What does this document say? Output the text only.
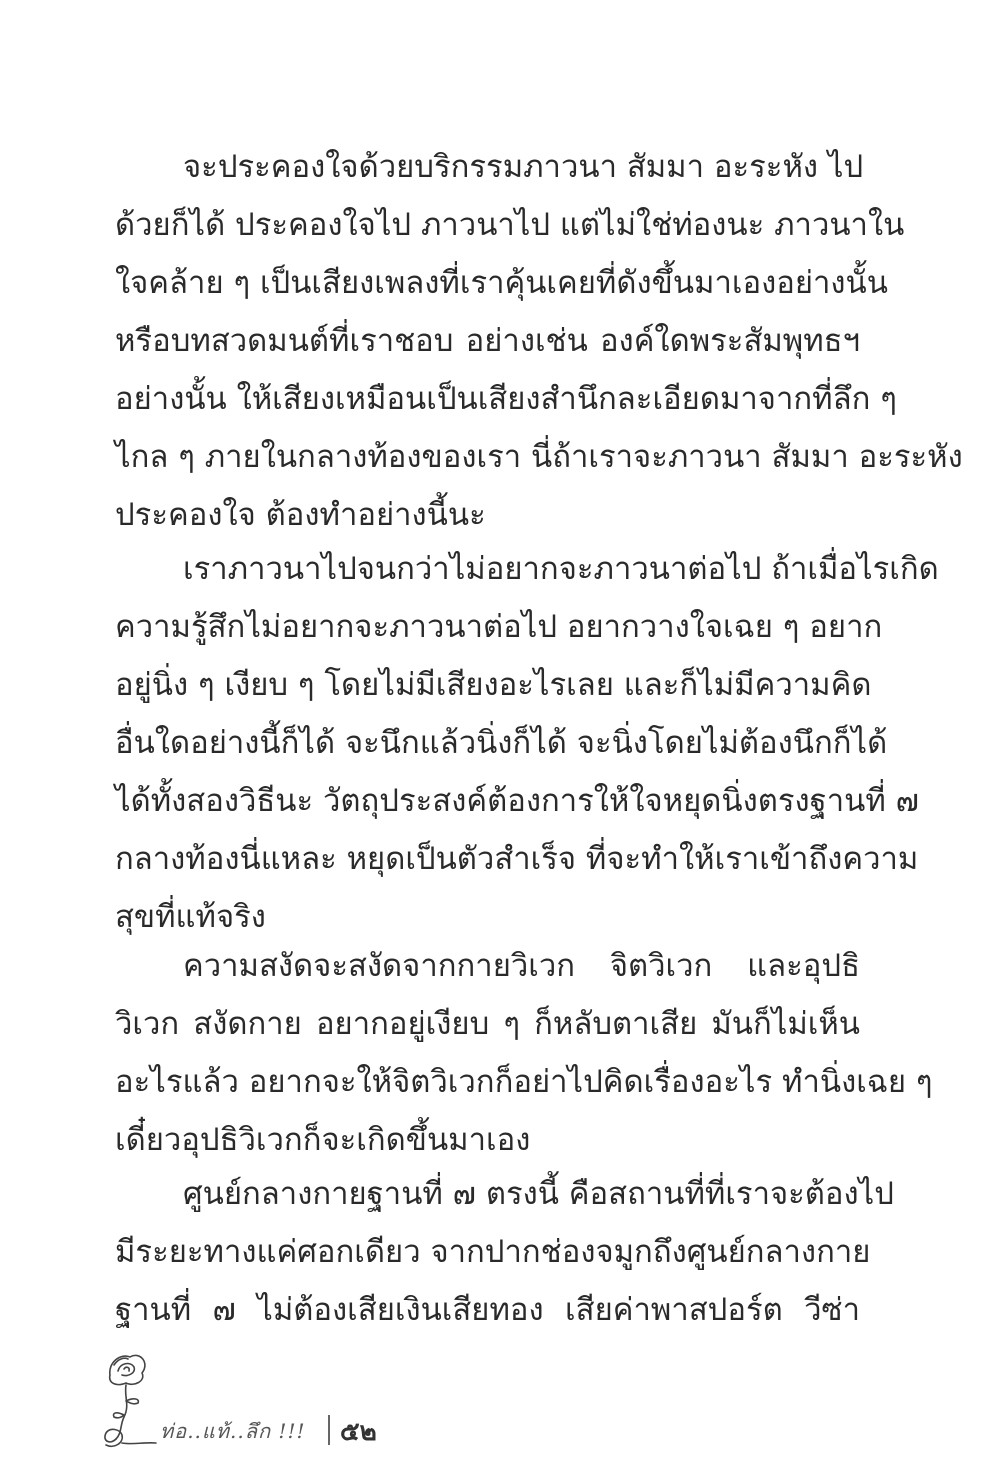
จะประคองใจด้วยบริกรรมภาวนา สัมมา อะระหัง ไป
ด้วยก็ได้ ประคองใจไป ภาวนาไป แต่ไม่ใช่ท่องนะ ภาวนาใน
ใจคล้าย ๆ เป็นเสียงเพลงที่เราคุ้นเคยที่ดังขึ้นมาเองอย่างนั้น
หรือบทสวดมนต์ที่เราชอบ อย่างเช่น องค์ใดพระสัมพุทธฯ
อย่างนั้น ให้เสียงเหมือนเป็นเสียงสำนึกละเอียดมาจากที่ลึก ๆ
ไกล ๆ ภายในกลางท้องของเรา นี่ถ้าเราจะภาวนา สัมมา อะระหัง
ประคองใจ ต้องทำอย่างนี้นะ
เราภาวนาไปจนกว่าไม่อยากจะภาวนาต่อไป ถ้าเมื่อไรเกิด
ความรู้สึกไม่อยากจะภาวนาต่อไป อยากวางใจเฉย ๆ อยาก
อยู่นิ่ง ๆ เงียบ ๆ โดยไม่มีเสียงอะไรเลย และก็ไม่มีความคิด
อื่นใดอย่างนี้ก็ได้ จะนึกแล้วนิ่งก็ได้ จะนิ่งโดยไม่ต้องนึกก็ได้
ได้ทั้งสองวิธีนะ วัตถุประสงค์ต้องการให้ใจหยุดนิ่งตรงฐานที่ ๗
กลางท้องนี่แหละ หยุดเป็นตัวสำเร็จ ที่จะทำให้เราเข้าถึงความ
สุขที่แท้จริง
ความสงัดจะสงัดจากกายวิเวก จิตวิเวก และอุปธิ
วิเวก สงัดกาย อยากอยู่เงียบ ๆ ก็หลับตาเสีย มันก็ไม่เห็น
อะไรแล้ว อยากจะให้จิตวิเวกก็อย่าไปคิดเรื่องอะไร ทำนิ่งเฉย ๆ
เดี๋ยวอุปธิวิเวกก็จะเกิดขึ้นมาเอง
ศูนย์กลางกายฐานที่ ๗ ตรงนี้ คือสถานที่ที่เราจะต้องไป
มีระยะทางแค่ศอกเดียว จากปากช่องจมูกถึงศูนย์กลางกาย
ฐานที่ ๗ ไม่ต้องเสียเงินเสียทอง เสียค่าพาสปอร์ต วีซ่า
ท่อ..แท้..ลึก !!! ๕๒
